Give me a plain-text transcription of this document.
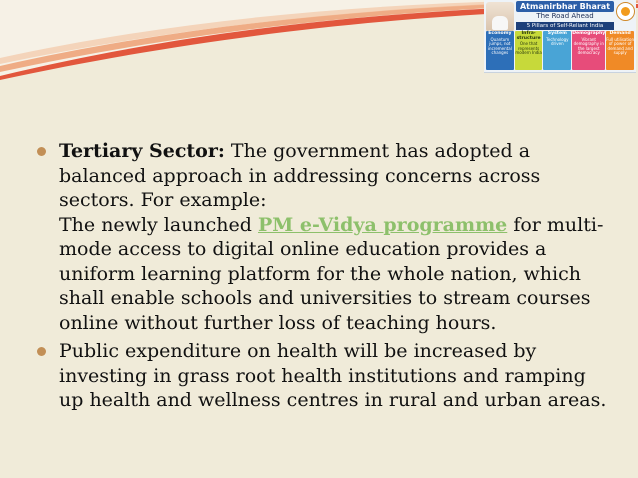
Atmanirbhar Bharat
The Road Ahead
5 Pillars of Self-Reliant India
Economy
Quantum jumps, not incremental changes
Infra-structure
One that represents modern India
System
Technology driven
Demography
Vibrant demography in the largest democracy
Demand
Full utilisation of power of demand and supply

Tertiary Sector: The government has adopted a balanced approach in addressing concerns across sectors. For example:

The newly launched PM e-Vidya programme for multi-mode access to digital online education provides a uniform learning platform for the whole nation, which shall enable schools and universities to stream courses online without further loss of teaching hours.

Public expenditure on health will be increased by investing in grass root health institutions and ramping up health and wellness centres in rural and urban areas.
